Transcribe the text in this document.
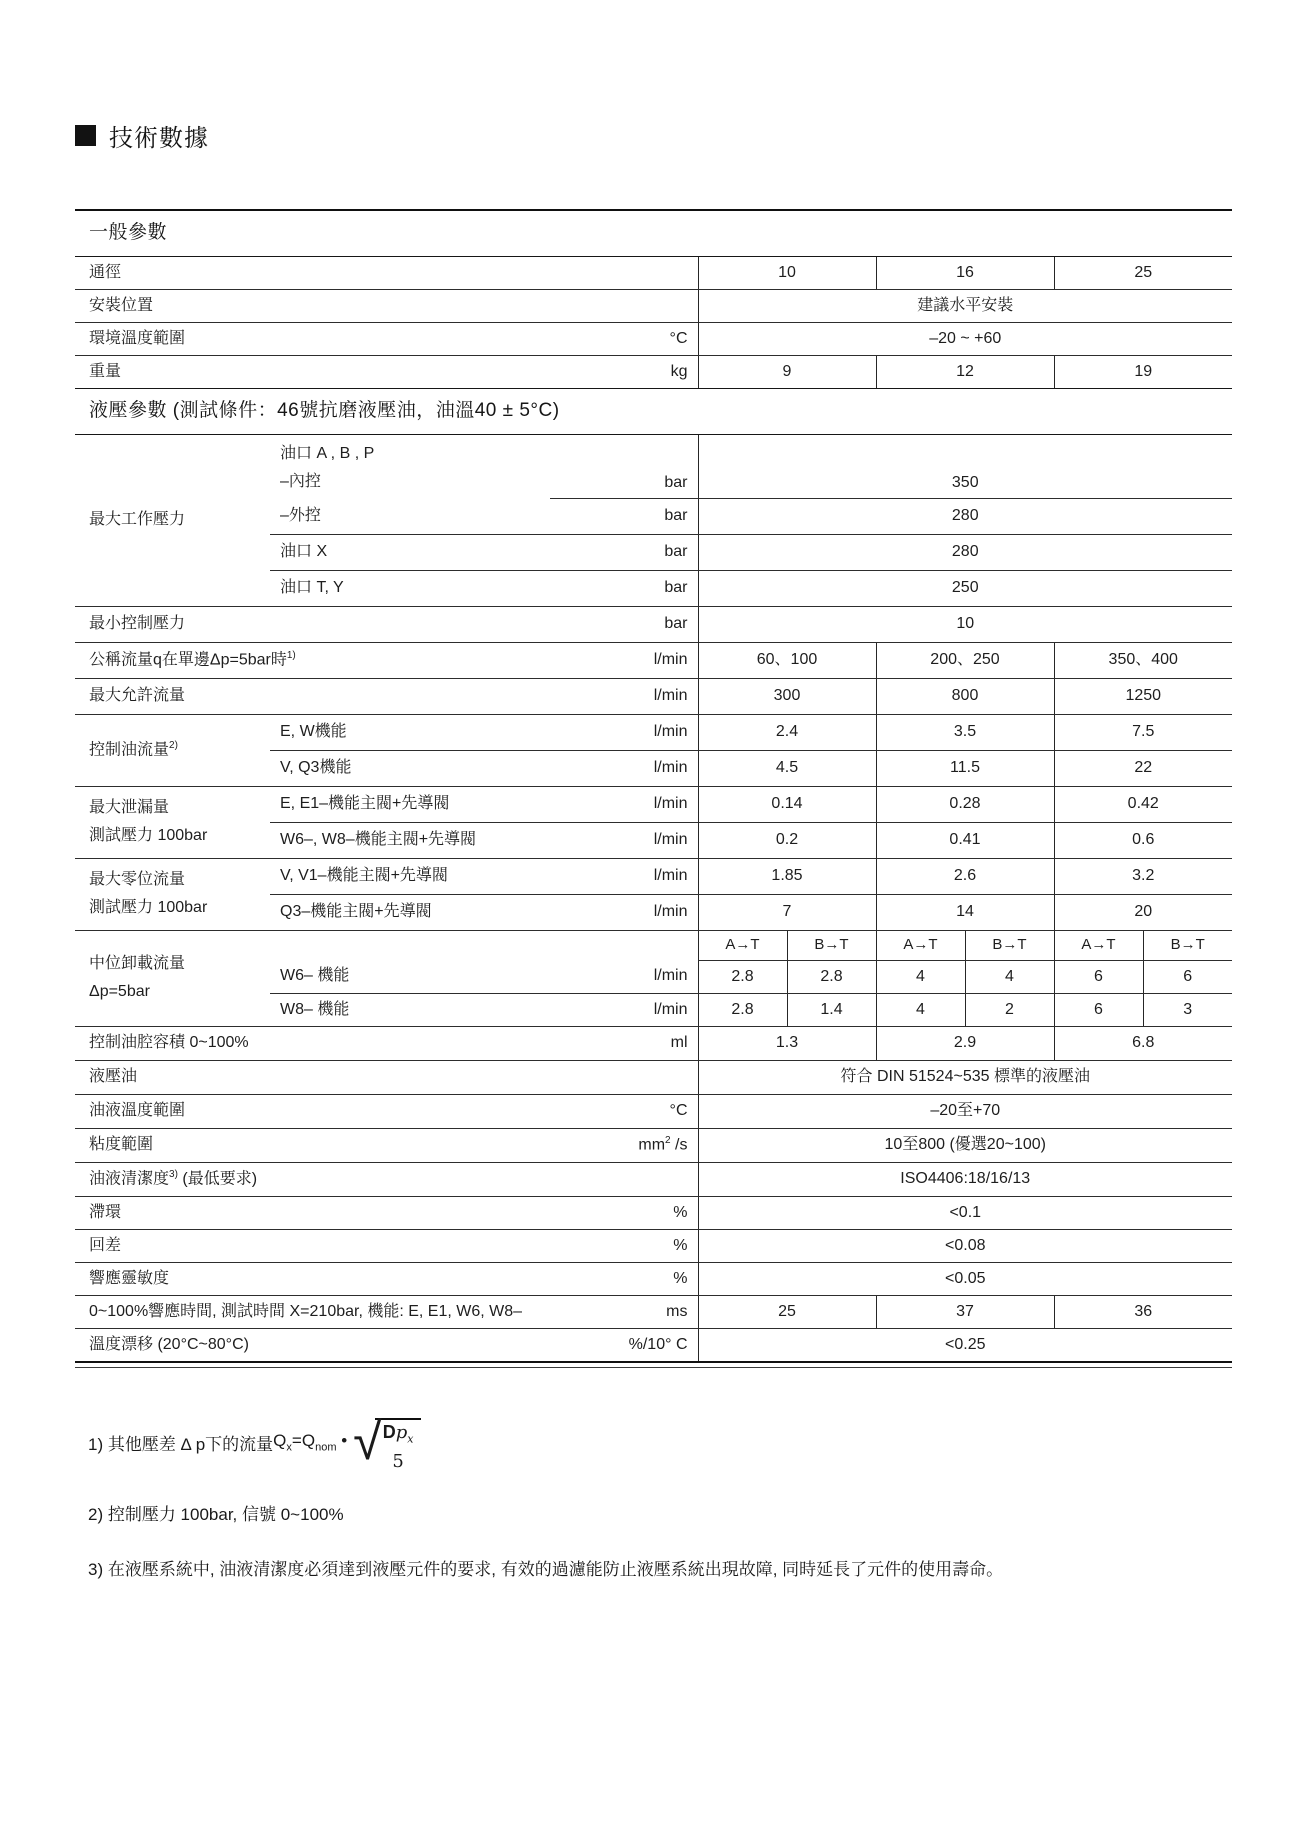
技術數據
一般參數								
通徑			10		16		25	
安裝位置			建議水平安裝					
環境溫度範圍		°C	–20 ~ +60					
重量		kg	9		12		19	
液壓參數 (測試條件：46號抗磨液壓油，油溫40 ± 5°C)								
最大工作壓力	油口 A , B , P
–內控	bar	350					
	–外控	bar	280					
	油口 X	bar	280					
	油口 T, Y	bar	250					
最小控制壓力		bar	10					
公稱流量q在單邊Δp=5bar時$^{1)}$		l/min	60、100		200、250		350、400	
最大允許流量		l/min	300		800		1250	
控制油流量$^{2)}$	E, W機能	l/min	2.4		3.5		7.5	
	V, Q3機能	l/min	4.5		11.5		22	

最大泄漏量
測試壓力 100bar	E, E1–機能主閥+先導閥	l/min	0.14		0.28		0.42	
	W6–, W8–機能主閥+先導閥	l/min	0.2		0.41		0.6	

最大零位流量
測試壓力 100bar	V, V1–機能主閥+先導閥	l/min	1.85		2.6		3.2	
	Q3–機能主閥+先導閥	l/min	7		14		20	

中位卸載流量
Δp=5bar			A→T	B→T	A→T	B→T	A→T	B→T
	W6– 機能	l/min	2.8	2.8	4	4	6	6
	W8– 機能	l/min	2.8	1.4	4	2	6	3
控制油腔容積 0~100%		ml	1.3		2.9		6.8	
液壓油			符合 DIN 51524~535 標準的液壓油					
油液溫度範圍		°C	–20至+70					
粘度範圍		$mm^2$ /s	10至800 (優選20~100)					
油液清潔度$^{3)}$ (最低要求)			ISO4406:18/16/13					
滯環		%	<0.1					
回差		%	<0.08					
響應靈敏度		%	<0.05					
0~100%響應時間, 測試時間 X=210bar, 機能: E, E1, W6, W8–		ms	25		37		36	
溫度漂移 (20°C~80°C)		%/10° C	<0.25					
1) 其他壓差 Δ p下的流量 $Q_x=Q_{nom}$ • √ $Dp_x$
5
2) 控制壓力 100bar, 信號 0~100%
3) 在液壓系統中, 油液清潔度必須達到液壓元件的要求, 有效的過濾能防止液壓系統出現故障, 同時延長了元件的使用壽命。
